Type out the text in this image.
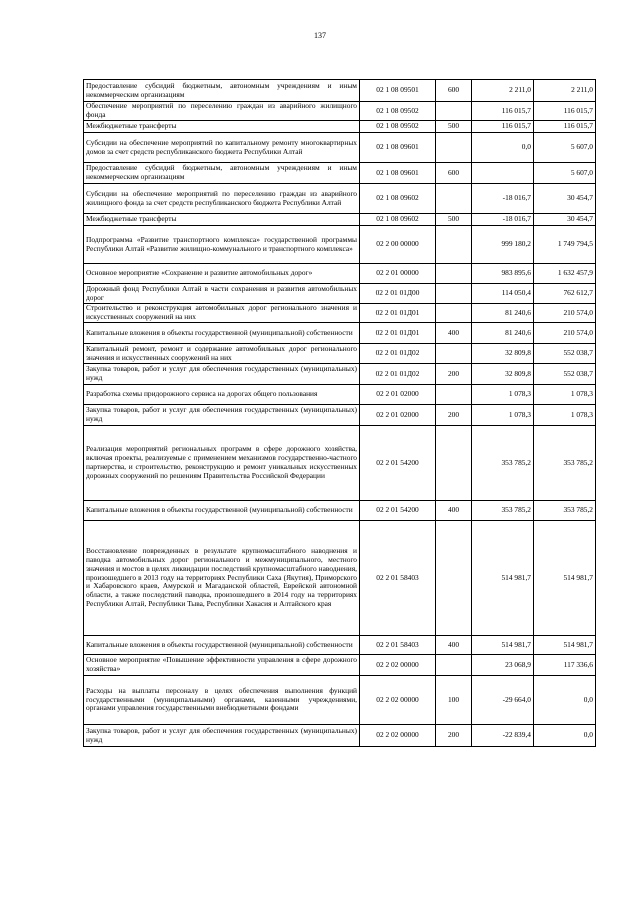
137
Предоставление субсидий бюджетным, автономным учреждениям и иным некоммерческим организациям	02 1 08 09501	600	2 211,0	2 211,0
Обеспечение мероприятий по переселению граждан из аварийного жилищного фонда	02 1 08 09502		116 015,7	116 015,7
Межбюджетные трансферты	02 1 08 09502	500	116 015,7	116 015,7
Субсидии на обеспечение мероприятий по капитальному ремонту многоквартирных домов за счет средств республиканского бюджета Республики Алтай	02 1 08 09601		0,0	5 607,0
Предоставление субсидий бюджетным, автономным учреждениям и иным некоммерческим организациям	02 1 08 09601	600		5 607,0
Субсидии на обеспечение мероприятий по переселению граждан из аварийного жилищного фонда за счет средств республиканского бюджета Республики Алтай	02 1 08 09602		-18 016,7	30 454,7
Межбюджетные трансферты	02 1 08 09602	500	-18 016,7	30 454,7
Подпрограмма «Развитие транспортного комплекса» государственной программы Республики Алтай «Развитие жилищно-коммунального и транспортного комплекса»	02 2 00 00000		999 180,2	1 749 794,5
Основное мероприятие «Сохранение и развитие автомобильных дорог»	02 2 01 00000		983 895,6	1 632 457,9
Дорожный фонд Республики Алтай в части сохранения и развития автомобильных дорог	02 2 01 01Д00		114 050,4	762 612,7
Строительство и реконструкция автомобильных дорог регионального значения и искусственных сооружений на них	02 2 01 01Д01		81 240,6	210 574,0
Капитальные вложения в объекты государственной (муниципальной) собственности	02 2 01 01Д01	400	81 240,6	210 574,0
Капитальный ремонт, ремонт и содержание автомобильных дорог регионального значения и искусственных сооружений на них	02 2 01 01Д02		32 809,8	552 038,7
Закупка товаров, работ и услуг для обеспечения государственных (муниципальных) нужд	02 2 01 01Д02	200	32 809,8	552 038,7
Разработка схемы придорожного сервиса на дорогах общего пользования	02 2 01 02000		1 078,3	1 078,3
Закупка товаров, работ и услуг для обеспечения государственных (муниципальных) нужд	02 2 01 02000	200	1 078,3	1 078,3
Реализация мероприятий региональных программ в сфере дорожного хозяйства, включая проекты, реализуемые с применением механизмов государственно-частного партнерства, и строительство, реконструкцию и ремонт уникальных искусственных дорожных сооружений по решениям Правительства Российской Федерации	02 2 01 54200		353 785,2	353 785,2
Капитальные вложения в объекты государственной (муниципальной) собственности	02 2 01 54200	400	353 785,2	353 785,2
Восстановление поврежденных в результате крупномасштабного наводнения и паводка автомобильных дорог регионального и межмуниципального, местного значения и мостов в целях ликвидации последствий крупномасштабного наводнения, произошедшего в 2013 году на территориях Республики Саха (Якутия), Приморского и Хабаровского краев, Амурской и Магаданской областей, Еврейской автономной области, а также последствий паводка, произошедшего в 2014 году на территориях Республики Алтай, Республики Тыва, Республики Хакасия и Алтайского края	02 2 01 58403		514 981,7	514 981,7
Капитальные вложения в объекты государственной (муниципальной) собственности	02 2 01 58403	400	514 981,7	514 981,7
Основное мероприятие «Повышение эффективности управления в сфере дорожного хозяйства»	02 2 02 00000		23 068,9	117 336,6
Расходы на выплаты персоналу в целях обеспечения выполнения функций государственными (муниципальными) органами, казенными учреждениями, органами управления государственными внебюджетными фондами	02 2 02 00000	100	-29 664,0	0,0
Закупка товаров, работ и услуг для обеспечения государственных (муниципальных) нужд	02 2 02 00000	200	-22 839,4	0,0
